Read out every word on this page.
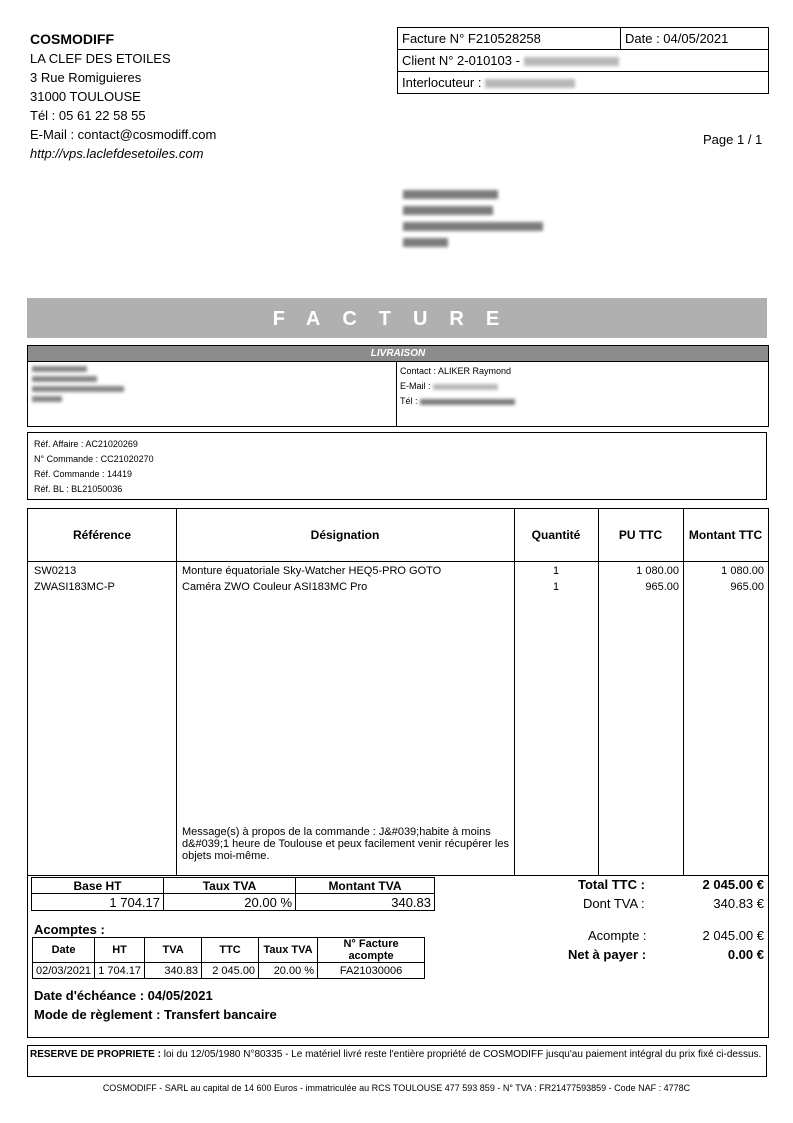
COSMODIFF
LA CLEF DES ETOILES
3 Rue Romiguieres
31000 TOULOUSE
Tél : 05 61 22 58 55
E-Mail : contact@cosmodiff.com
http://vps.laclefdesetoiles.com
Facture N° F210528258	Date : 04/05/2021
Client N° 2-010103 -
Interlocuteur :
Page 1 / 1
FACTURE
LIVRAISON
Contact : ALIKER Raymond
E-Mail :
Tél :
Réf. Affaire : AC21020269
N° Commande : CC21020270
Réf. Commande : 14419
Réf. BL : BL21050036
Référence	Désignation	Quantité	PU TTC	Montant TTC
SW0213	Monture équatoriale Sky-Watcher HEQ5-PRO GOTO	1	1 080.00	1 080.00
ZWASI183MC-P	Caméra ZWO Couleur ASI183MC Pro	1	965.00	965.00
Message(s) à propos de la commande : J&#039;habite à moins d&#039;1 heure de Toulouse et peux facilement venir récupérer les objets moi-même.
Base HT	Taux TVA	Montant TVA
1 704.17	20.00 %	340.83
Acomptes :
Date	HT	TVA	TTC	Taux TVA	N° Facture acompte
02/03/2021	1 704.17	340.83	2 045.00	20.00 %	FA21030006
Total TTC :	2 045.00 €
Dont TVA :	340.83 €
Acompte :	2 045.00 €
Net à payer :	0.00 €
Date d'échéance : 04/05/2021
Mode de règlement : Transfert bancaire
RESERVE DE PROPRIETE : loi du 12/05/1980 N°80335 - Le matériel livré reste l'entière propriété de COSMODIFF jusqu'au paiement intégral du prix fixé ci-dessus.
COSMODIFF - SARL au capital de 14 600 Euros - immatriculée au RCS TOULOUSE 477 593 859 - N° TVA : FR21477593859 - Code NAF : 4778C
